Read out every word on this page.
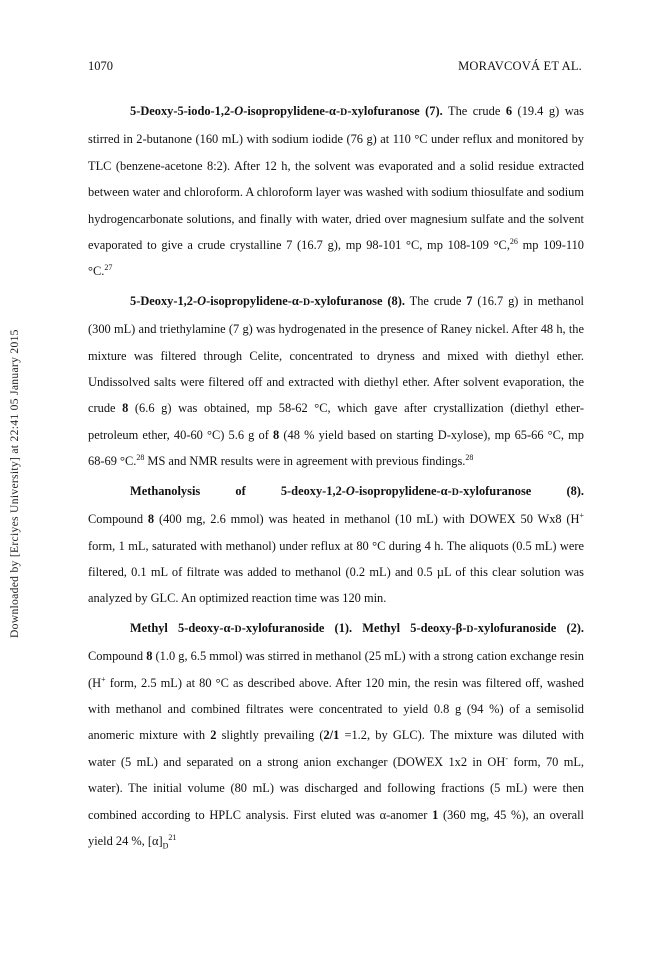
1070	MORAVCOVÁ ET AL.
Downloaded by [Erciyes University] at 22:41 05 January 2015

5-Deoxy-5-iodo-1,2-O-isopropylidene-α-D-xylofuranose (7). The crude 6 (19.4 g) was stirred in 2-butanone (160 mL) with sodium iodide (76 g) at 110 °C under reflux and monitored by TLC (benzene-acetone 8:2). After 12 h, the solvent was evaporated and a solid residue extracted between water and chloroform. A chloroform layer was washed with sodium thiosulfate and sodium hydrogencarbonate solutions, and finally with water, dried over magnesium sulfate and the solvent evaporated to give a crude crystalline 7 (16.7 g), mp 98-101 °C, mp 108-109 °C,$^{26}$ mp 109-110 °C.$^{27}$

5-Deoxy-1,2-O-isopropylidene-α-D-xylofuranose (8). The crude 7 (16.7 g) in methanol (300 mL) and triethylamine (7 g) was hydrogenated in the presence of Raney nickel. After 48 h, the mixture was filtered through Celite, concentrated to dryness and mixed with diethyl ether. Undissolved salts were filtered off and extracted with diethyl ether. After solvent evaporation, the crude 8 (6.6 g) was obtained, mp 58-62 °C, which gave after crystallization (diethyl ether-petroleum ether, 40-60 °C) 5.6 g of 8 (48 % yield based on starting D-xylose), mp 65-66 °C, mp 68-69 °C.$^{28}$ MS and NMR results were in agreement with previous findings.$^{28}$

Methanolysis of 5-deoxy-1,2-O-isopropylidene-α-D-xylofuranose (8). Compound 8 (400 mg, 2.6 mmol) was heated in methanol (10 mL) with DOWEX 50 Wx8 (H+ form, 1 mL, saturated with methanol) under reflux at 80 °C during 4 h. The aliquots (0.5 mL) were filtered, 0.1 mL of filtrate was added to methanol (0.2 mL) and 0.5 µL of this clear solution was analyzed by GLC. An optimized reaction time was 120 min.

Methyl 5-deoxy-α-D-xylofuranoside (1). Methyl 5-deoxy-β-D-xylofuranoside (2). Compound 8 (1.0 g, 6.5 mmol) was stirred in methanol (25 mL) with a strong cation exchange resin (H+ form, 2.5 mL) at 80 °C as described above. After 120 min, the resin was filtered off, washed with methanol and combined filtrates were concentrated to yield 0.8 g (94 %) of a semisolid anomeric mixture with 2 slightly prevailing (2/1 =1.2, by GLC). The mixture was diluted with water (5 mL) and separated on a strong anion exchanger (DOWEX 1x2 in OH- form, 70 mL, water). The initial volume (80 mL) was discharged and following fractions (5 mL) were then combined according to HPLC analysis. First eluted was α-anomer 1 (360 mg, 45 %), an overall yield 24 %, $[\alpha]_D^{21}$
